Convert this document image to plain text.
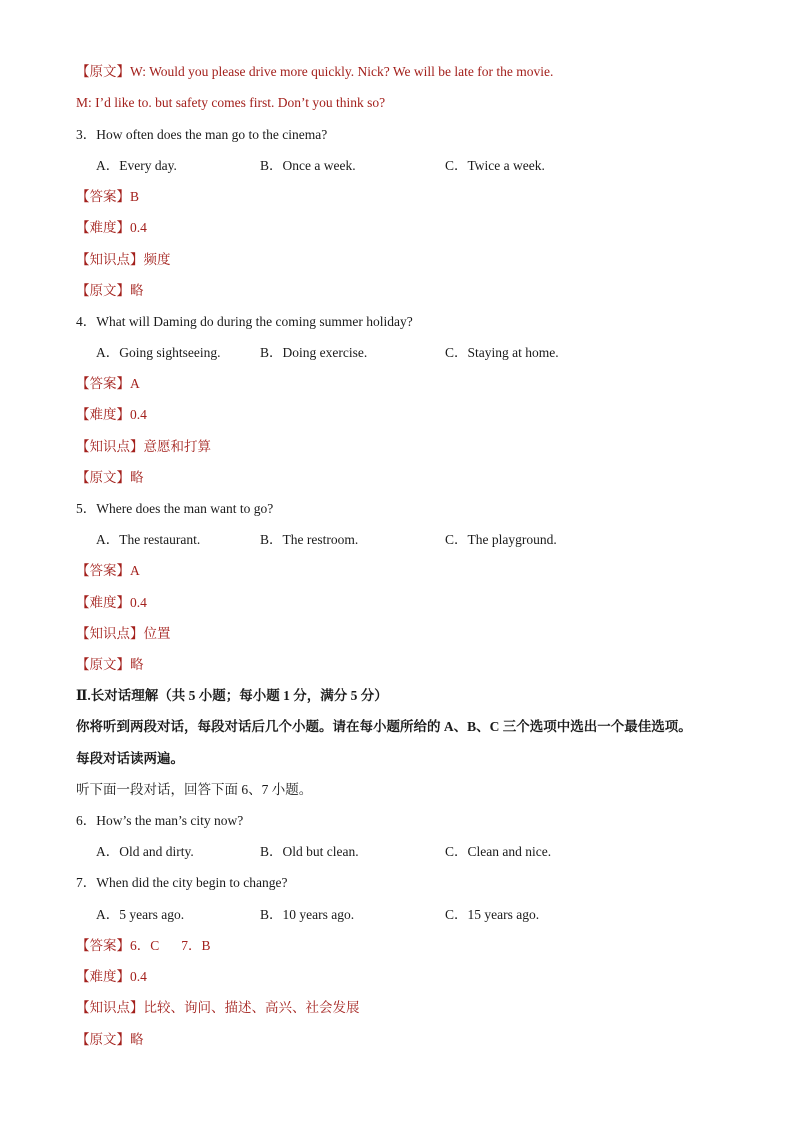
【原文】W: Would you please drive more quickly. Nick? We will be late for the movie.
M: I’d like to. but safety comes first. Don’t you think so?
3．How often does the man go to the cinema?
A．Every day.	B．Once a week.	C．Twice a week.
【答案】B
【难度】0.4
【知识点】频度
【原文】略
4．What will Daming do during the coming summer holiday?
A．Going sightseeing.	B．Doing exercise.	C．Staying at home.
【答案】A
【难度】0.4
【知识点】意愿和打算
【原文】略
5．Where does the man want to go?
A．The restaurant.	B．The restroom.	C．The playground.
【答案】A
【难度】0.4
【知识点】位置
【原文】略
Ⅱ.长对话理解（共 5 小题；每小题 1 分，满分 5 分）
你将听到两段对话，每段对话后几个小题。请在每小题所给的 A、B、C 三个选项中选出一个最佳选项。
每段对话读两遍。
听下面一段对话，回答下面 6、7 小题。
6．How’s the man’s city now?
A．Old and dirty.	B．Old but clean.	C．Clean and nice.
7．When did the city begin to change?
A．5 years ago.	B．10 years ago.	C．15 years ago.
【答案】6．C 7．B
【难度】0.4
【知识点】比较、询问、描述、高兴、社会发展
【原文】略
